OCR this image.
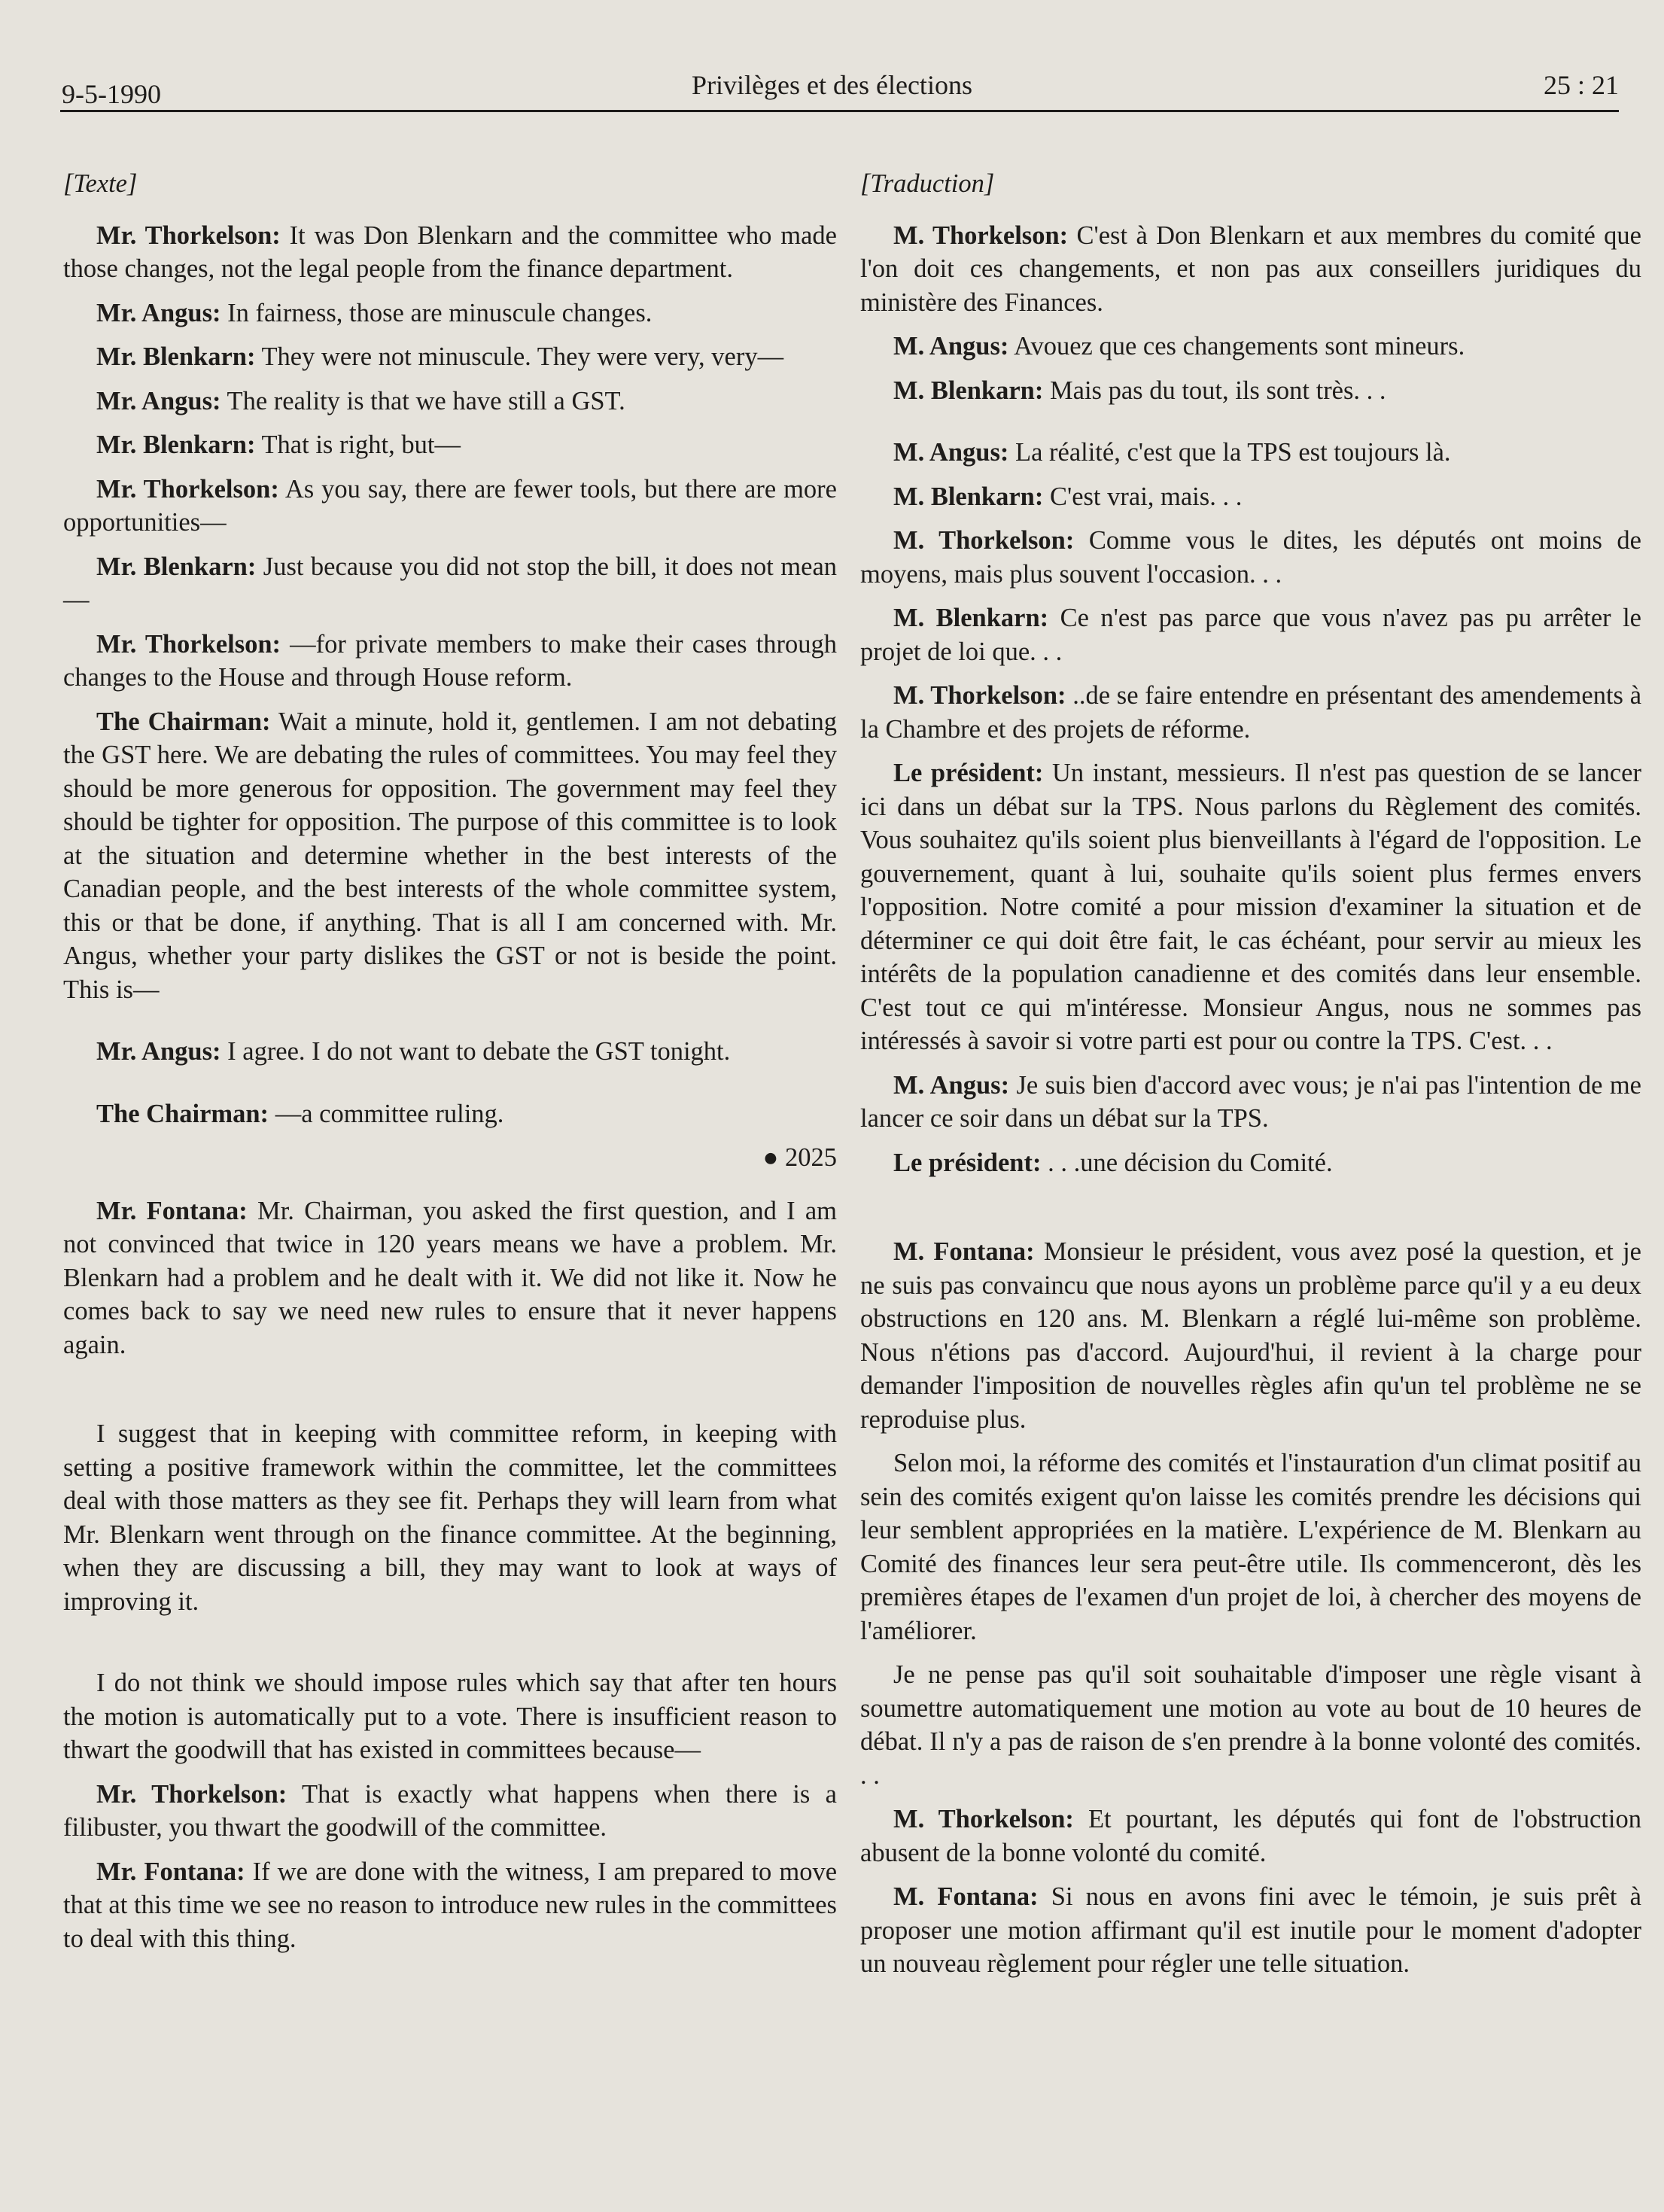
9-5-1990	Privilèges et des élections	25 : 21

[Texte]

Mr. Thorkelson: It was Don Blenkarn and the committee who made those changes, not the legal people from the finance department.

Mr. Angus: In fairness, those are minuscule changes.

Mr. Blenkarn: They were not minuscule. They were very, very—

Mr. Angus: The reality is that we have still a GST.

Mr. Blenkarn: That is right, but—

Mr. Thorkelson: As you say, there are fewer tools, but there are more opportunities—

Mr. Blenkarn: Just because you did not stop the bill, it does not mean—

Mr. Thorkelson: —for private members to make their cases through changes to the House and through House reform.

The Chairman: Wait a minute, hold it, gentlemen. I am not debating the GST here. We are debating the rules of committees. You may feel they should be more generous for opposition. The government may feel they should be tighter for opposition. The purpose of this committee is to look at the situation and determine whether in the best interests of the Canadian people, and the best interests of the whole committee system, this or that be done, if anything. That is all I am concerned with. Mr. Angus, whether your party dislikes the GST or not is beside the point. This is—

Mr. Angus: I agree. I do not want to debate the GST tonight.

The Chairman: —a committee ruling.

● 2025

Mr. Fontana: Mr. Chairman, you asked the first question, and I am not convinced that twice in 120 years means we have a problem. Mr. Blenkarn had a problem and he dealt with it. We did not like it. Now he comes back to say we need new rules to ensure that it never happens again.

I suggest that in keeping with committee reform, in keeping with setting a positive framework within the committee, let the committees deal with those matters as they see fit. Perhaps they will learn from what Mr. Blenkarn went through on the finance committee. At the beginning, when they are discussing a bill, they may want to look at ways of improving it.

I do not think we should impose rules which say that after ten hours the motion is automatically put to a vote. There is insufficient reason to thwart the goodwill that has existed in committees because—

Mr. Thorkelson: That is exactly what happens when there is a filibuster, you thwart the goodwill of the committee.

Mr. Fontana: If we are done with the witness, I am prepared to move that at this time we see no reason to introduce new rules in the committees to deal with this thing.

[Traduction]

M. Thorkelson: C'est à Don Blenkarn et aux membres du comité que l'on doit ces changements, et non pas aux conseillers juridiques du ministère des Finances.

M. Angus: Avouez que ces changements sont mineurs.

M. Blenkarn: Mais pas du tout, ils sont très. . .

M. Angus: La réalité, c'est que la TPS est toujours là.

M. Blenkarn: C'est vrai, mais. . .

M. Thorkelson: Comme vous le dites, les députés ont moins de moyens, mais plus souvent l'occasion. . .

M. Blenkarn: Ce n'est pas parce que vous n'avez pas pu arrêter le projet de loi que. . .

M. Thorkelson: ..de se faire entendre en présentant des amendements à la Chambre et des projets de réforme.

Le président: Un instant, messieurs. Il n'est pas question de se lancer ici dans un débat sur la TPS. Nous parlons du Règlement des comités. Vous souhaitez qu'ils soient plus bienveillants à l'égard de l'opposition. Le gouvernement, quant à lui, souhaite qu'ils soient plus fermes envers l'opposition. Notre comité a pour mission d'examiner la situation et de déterminer ce qui doit être fait, le cas échéant, pour servir au mieux les intérêts de la population canadienne et des comités dans leur ensemble. C'est tout ce qui m'intéresse. Monsieur Angus, nous ne sommes pas intéressés à savoir si votre parti est pour ou contre la TPS. C'est. . .

M. Angus: Je suis bien d'accord avec vous; je n'ai pas l'intention de me lancer ce soir dans un débat sur la TPS.

Le président: . . .une décision du Comité.

M. Fontana: Monsieur le président, vous avez posé la question, et je ne suis pas convaincu que nous ayons un problème parce qu'il y a eu deux obstructions en 120 ans. M. Blenkarn a réglé lui-même son problème. Nous n'étions pas d'accord. Aujourd'hui, il revient à la charge pour demander l'imposition de nouvelles règles afin qu'un tel problème ne se reproduise plus.

Selon moi, la réforme des comités et l'instauration d'un climat positif au sein des comités exigent qu'on laisse les comités prendre les décisions qui leur semblent appropriées en la matière. L'expérience de M. Blenkarn au Comité des finances leur sera peut-être utile. Ils commenceront, dès les premières étapes de l'examen d'un projet de loi, à chercher des moyens de l'améliorer.

Je ne pense pas qu'il soit souhaitable d'imposer une règle visant à soumettre automatiquement une motion au vote au bout de 10 heures de débat. Il n'y a pas de raison de s'en prendre à la bonne volonté des comités. . .

M. Thorkelson: Et pourtant, les députés qui font de l'obstruction abusent de la bonne volonté du comité.

M. Fontana: Si nous en avons fini avec le témoin, je suis prêt à proposer une motion affirmant qu'il est inutile pour le moment d'adopter un nouveau règlement pour régler une telle situation.
